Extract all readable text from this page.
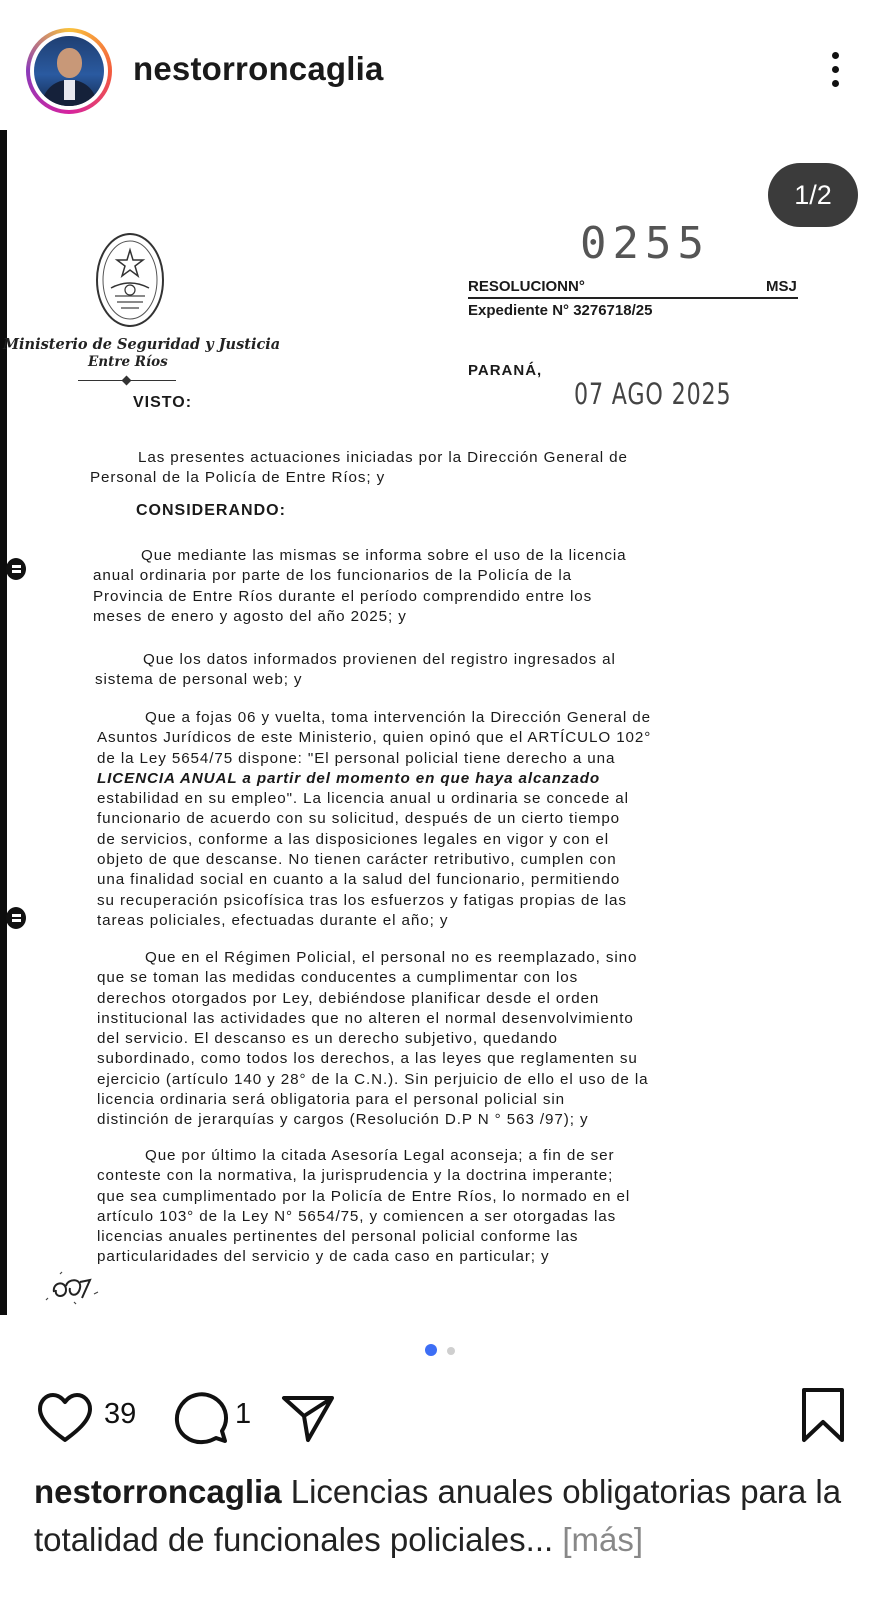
nestorroncaglia
1/2
0255
Ministerio de Seguridad y Justicia
Entre Ríos
RESOLUCIONN°	MSJ
Expediente N° 3276718/25
PARANÁ,
07 AGO 2025
VISTO:
Las presentes actuaciones iniciadas por la Dirección General de
Personal de la Policía de Entre Ríos; y
CONSIDERANDO:
Que mediante las mismas se informa sobre el uso de la licencia
anual ordinaria por parte de los funcionarios de la Policía de la
Provincia de Entre Ríos durante el período comprendido entre los
meses de enero y agosto del año 2025; y
Que los datos informados provienen del registro ingresados al
sistema de personal web; y
Que a fojas 06 y vuelta, toma intervención la Dirección General de
Asuntos Jurídicos de este Ministerio, quien opinó que el ARTÍCULO 102°
de la Ley 5654/75 dispone: "El personal policial tiene derecho a una
LICENCIA ANUAL a partir del momento en que haya alcanzado
estabilidad en su empleo". La licencia anual u ordinaria se concede al
funcionario de acuerdo con su solicitud, después de un cierto tiempo
de servicios, conforme a las disposiciones legales en vigor y con el
objeto de que descanse. No tienen carácter retributivo, cumplen con
una finalidad social en cuanto a la salud del funcionario, permitiendo
su recuperación psicofísica tras los esfuerzos y fatigas propias de las
tareas policiales, efectuadas durante el año; y
Que en el Régimen Policial, el personal no es reemplazado, sino
que se toman las medidas conducentes a cumplimentar con los
derechos otorgados por Ley, debiéndose planificar desde el orden
institucional las actividades que no alteren el normal desenvolvimiento
del servicio. El descanso es un derecho subjetivo, quedando
subordinado, como todos los derechos, a las leyes que reglamenten su
ejercicio (artículo 140 y 28° de la C.N.). Sin perjuicio de ello el uso de la
licencia ordinaria será obligatoria para el personal policial sin
distinción de jerarquías y cargos (Resolución D.P N ° 563 /97); y
Que por último la citada Asesoría Legal aconseja; a fin de ser
conteste con la normativa, la jurisprudencia y la doctrina imperante;
que sea cumplimentado por la Policía de Entre Ríos, lo normado en el
artículo 103° de la Ley N° 5654/75, y comiencen a ser otorgadas las
licencias anuales pertinentes del personal policial conforme las
particularidades del servicio y de cada caso en particular; y
39	1
nestorroncaglia Licencias anuales obligatorias para la totalidad de funcionales policiales... [más]
